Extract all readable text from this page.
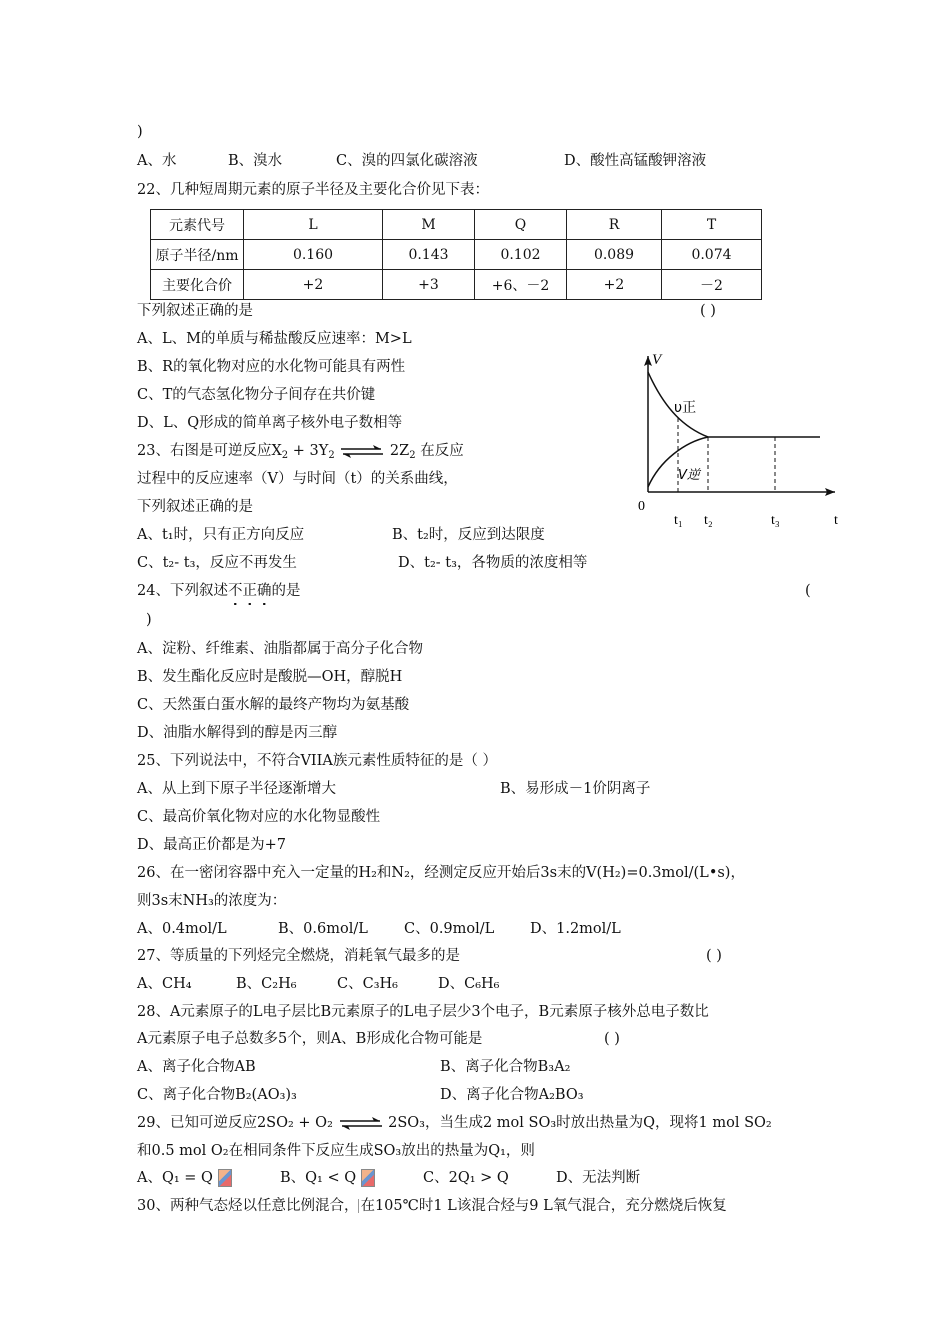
)
A、水	B、溴水	C、溴的四氯化碳溶液	D、酸性高锰酸钾溶液
22、几种短周期元素的原子半径及主要化合价见下表：
元素代号	L	M	Q	R	T
原子半径/nm	0.160	0.143	0.102	0.089	0.074
主要化合价	+2	+3	+6、－2	+2	－2
下列叙述正确的是	( )
A、L、M的单质与稀盐酸反应速率：M>L
B、R的氧化物对应的水化物可能具有两性
C、T的气态氢化物分子间存在共价键
D、L、Q形成的简单离子核外电子数相等
23、右图是可逆反应$X_2 + 3Y_2$ ⇌ $2Z_2$ 在反应
过程中的反应速率（V）与时间（t）的关系曲线，
下列叙述正确的是
A、t₁时，只有正方向反应	B、t₂时，反应到达限度
C、t₂- t₃，反应不再发生	D、t₂- t₃，各物质的浓度相等
V
0
t
υ正
V逆
t₁ t₂	t₃
24、下列叙述不正确的是	(
)
A、淀粉、纤维素、油脂都属于高分子化合物
B、发生酯化反应时是酸脱—OH，醇脱H
C、天然蛋白蛋水解的最终产物均为氨基酸
D、油脂水解得到的醇是丙三醇
25、下列说法中，不符合VIIA族元素性质特征的是（ ）
A、从上到下原子半径逐渐增大	B、易形成－1价阴离子
C、最高价氧化物对应的水化物显酸性
D、最高正价都是为+7
26、在一密闭容器中充入一定量的H₂和N₂，经测定反应开始后3s末的V(H₂)=0.3mol/(L•s)，
则3s末NH₃的浓度为：
A、0.4mol/L	B、0.6mol/L C、0.9mol/L D、1.2mol/L
27、等质量的下列烃完全燃烧，消耗氧气最多的是	( )
A、CH₄	B、C₂H₆	C、C₃H₆	D、C₆H₆
28、A元素原子的L电子层比B元素原子的L电子层少3个电子，B元素原子核外总电子数比
A元素原子电子总数多5个，则A、B形成化合物可能是	( )
A、离子化合物AB	B、离子化合物B₃A₂
C、离子化合物B₂(AO₃)₃	D、离子化合物A₂BO₃
29、已知可逆反应2SO₂ + O₂ ⇌ 2SO₃，当生成2 mol SO₃时放出热量为Q，现将1 mol SO₂
和0.5 mol O₂在相同条件下反应生成SO₃放出的热量为Q₁，则
A、Q₁ = Q	B、Q₁ < Q	C、2Q₁ > Q	D、无法判断
30、两种气态烃以任意比例混合， 在105℃时1 L该混合烃与9 L氧气混合，充分燃烧后恢复
